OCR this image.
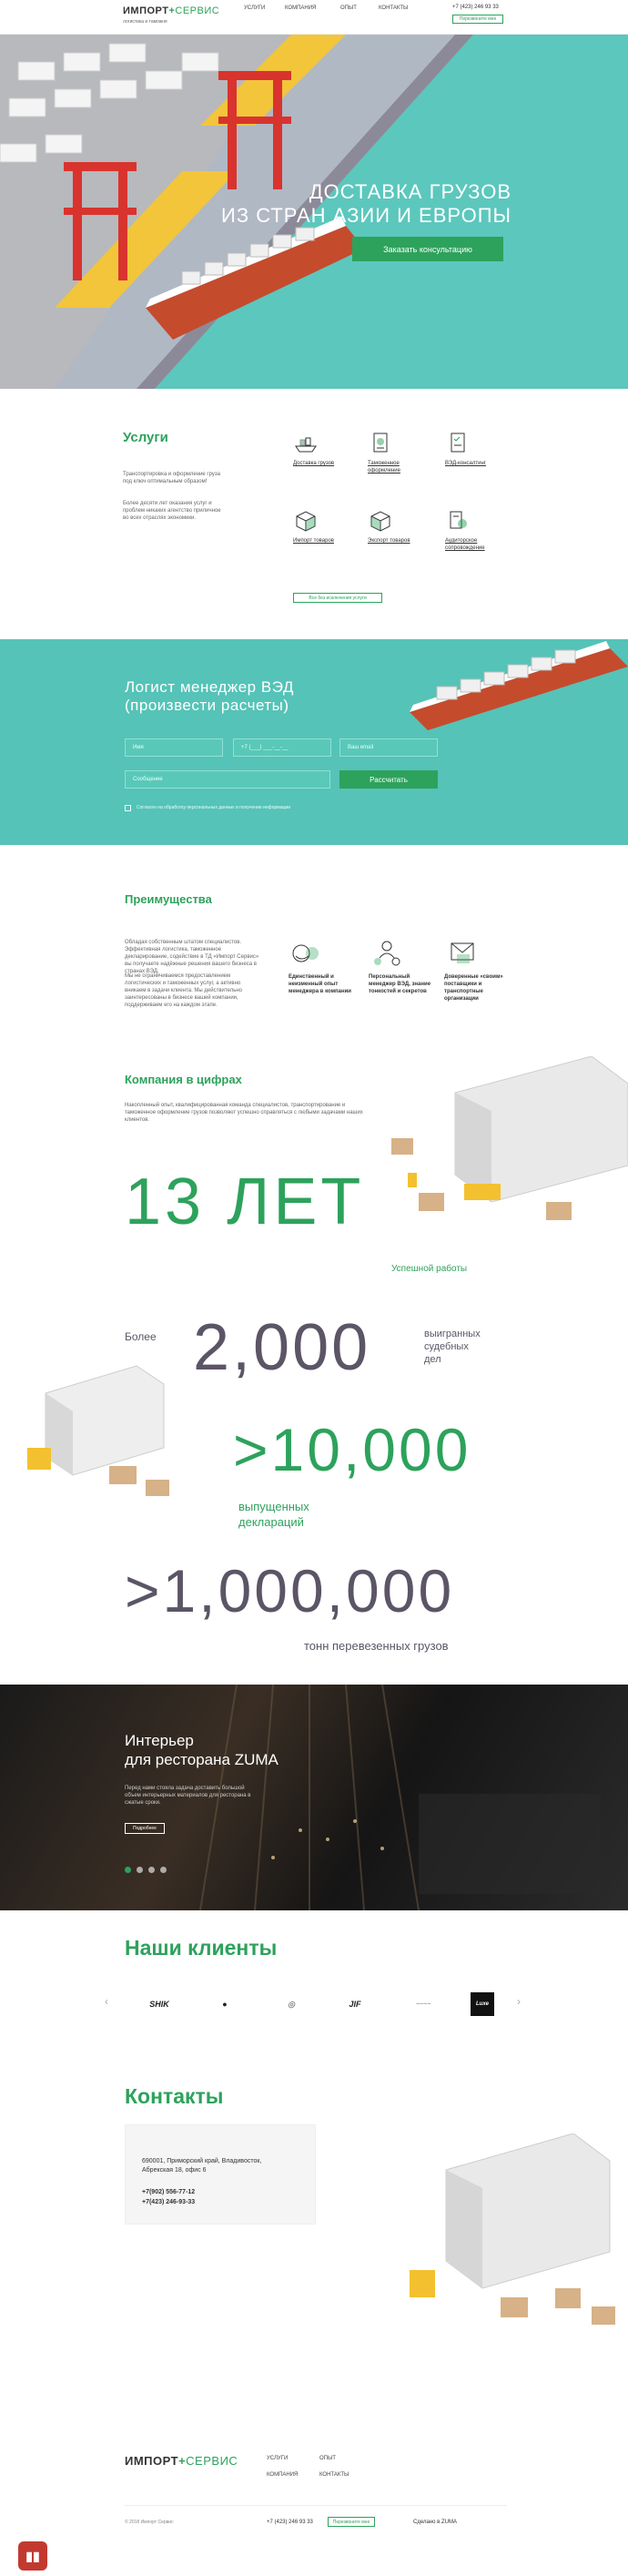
ИМПОРТ+СЕРВИС
логистика и таможня
УСЛУГИ	КОМПАНИЯ	ОПЫТ	КОНТАКТЫ	+7 (423) 246 93 33
Перезвоните мне
ДОСТАВКА ГРУЗОВ
ИЗ СТРАН АЗИИ И ЕВРОПЫ
Заказать консультацию
Услуги
Транспортировка и оформление груза под ключ оптимальным образом!
Более десяти лет оказания услуг и проблем никаких агентство приличное во всех отраслях экономики.
Доставка грузов	Таможенное оформление
ВЭД-консалтинг
Импорт товаров	Экспорт товаров	Аудиторское сопровождение
Все без исключения услуги
Логист менеджер ВЭД
(произвести расчеты)
Имя	+7 (___) ___-__-__	Ваш email
Сообщение	Рассчитать
Согласен на обработку персональных данных и получение информации
Преимущества
Обладая собственным штатом специалистов. Эффективная логистика, таможенное декларирование, содействие в ТД «Импорт Сервис» вы получаете надёжные решения вашего бизнеса в странах ВЭД.
Мы не ограничиваемся предоставлением логистических и таможенных услуг, а активно вникаем в задачи клиента. Мы действительно заинтересованы в бизнесе вашей компании, поддерживаем его на каждом этапе.
Единственный и неизменный опыт менеджера в компании
Персональный менеджер ВЭД, знание тонкостей и секретов
Доверенные «своим» поставщики и транспортные организации
Компания в цифрах
Накопленный опыт, квалифицированная команда специалистов, транспортирование и таможенное оформление грузов позволяют успешно справляться с любыми задачами наших клиентов.
13 ЛЕТ
Успешной работы
Более 2,000	выигранных
судебных
дел
>10,000
выпущенных
деклараций
>1,000,000
тонн перевезенных грузов
Интерьер
для ресторана ZUMA
Перед нами стояла задача доставить большой объем интерьерных материалов для ресторана в сжатые сроки.
Подробнее
Наши клиенты
‹	SHIK	●	◎	JIF	~~~~	Luxe	›
Контакты
690001, Приморский край, Владивосток,
Абрекская 18, офис 6
+7(902) 556-77-12
+7(423) 246-93-33
ИМПОРТ+СЕРВИС	УСЛУГИ
КОМПАНИЯ
ОПЫТ
КОНТАКТЫ
© 2018 Импорт Сервис	+7 (423) 246 93 33	Перезвоните мне	Сделано в ZUMA
▮▮
